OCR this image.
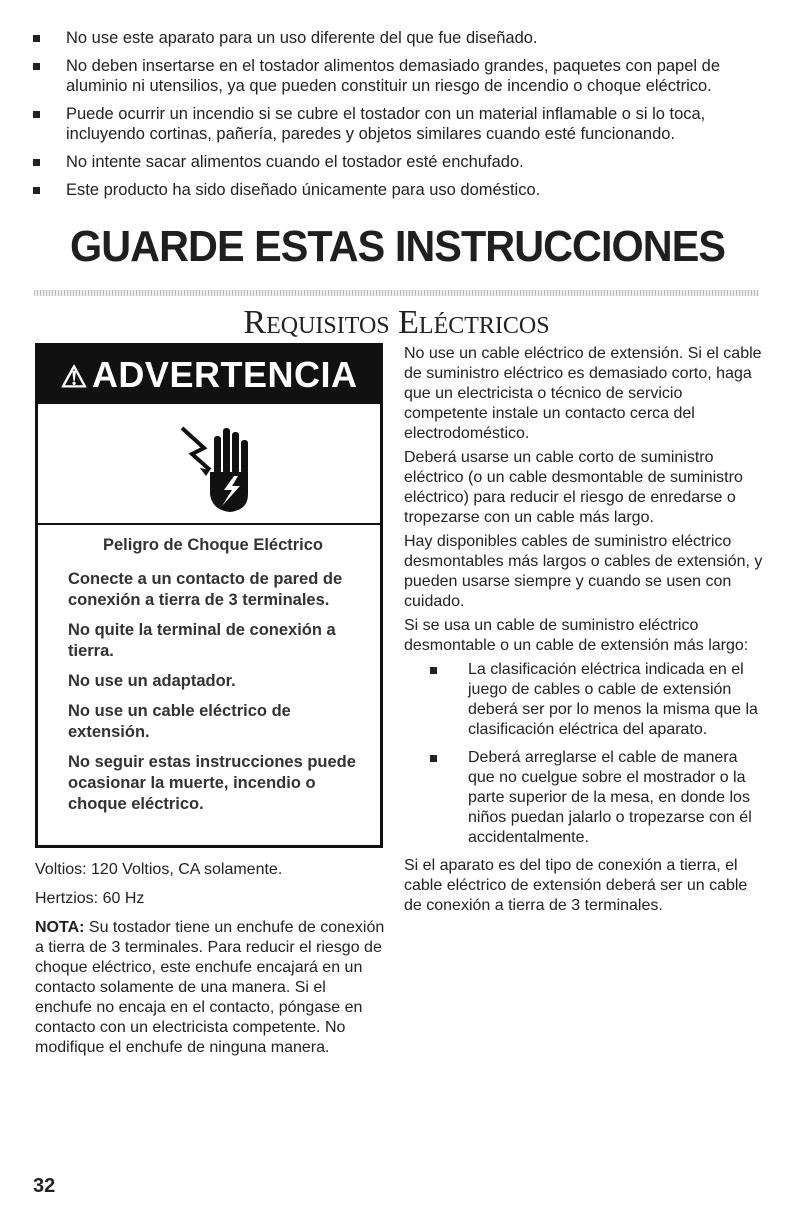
No use este aparato para un uso diferente del que fue diseñado.
No deben insertarse en el tostador alimentos demasiado grandes, paquetes con papel de aluminio ni utensilios, ya que pueden constituir un riesgo de incendio o choque eléctrico.
Puede ocurrir un incendio si se cubre el tostador con un material inflamable o si lo toca, incluyendo cortinas, pañería, paredes y objetos similares cuando esté funcionando.
No intente sacar alimentos cuando el tostador esté enchufado.
Este producto ha sido diseñado únicamente para uso doméstico.
GUARDE ESTAS INSTRUCCIONES
Requisitos Eléctricos
⚠ ADVERTENCIA
Peligro de Choque Eléctrico
Conecte a un contacto de pared de conexión a tierra de 3 terminales.
No quite la terminal de conexión a tierra.
No use un adaptador.
No use un cable eléctrico de extensión.
No seguir estas instrucciones puede ocasionar la muerte, incendio o choque eléctrico.

Voltios: 120 Voltios, CA solamente.

Hertzios: 60 Hz

NOTA: Su tostador tiene un enchufe de conexión a tierra de 3 terminales. Para reducir el riesgo de choque eléctrico, este enchufe encajará en un contacto solamente de una manera. Si el enchufe no encaja en el contacto, póngase en contacto con un electricista competente. No modifique el enchufe de ninguna manera.

No use un cable eléctrico de extensión. Si el cable de suministro eléctrico es demasiado corto, haga que un electricista o técnico de servicio competente instale un contacto cerca del electrodoméstico.

Deberá usarse un cable corto de suministro eléctrico (o un cable desmontable de suministro eléctrico) para reducir el riesgo de enredarse o tropezarse con un cable más largo.

Hay disponibles cables de suministro eléctrico desmontables más largos o cables de extensión, y pueden usarse siempre y cuando se usen con cuidado.

Si se usa un cable de suministro eléctrico desmontable o un cable de extensión más largo:

La clasificación eléctrica indicada en el juego de cables o cable de extensión deberá ser por lo menos la misma que la clasificación eléctrica del aparato.
Deberá arreglarse el cable de manera que no cuelgue sobre el mostrador o la parte superior de la mesa, en donde los niños puedan jalarlo o tropezarse con él accidentalmente.

Si el aparato es del tipo de conexión a tierra, el cable eléctrico de extensión deberá ser un cable de conexión a tierra de 3 terminales.

32
